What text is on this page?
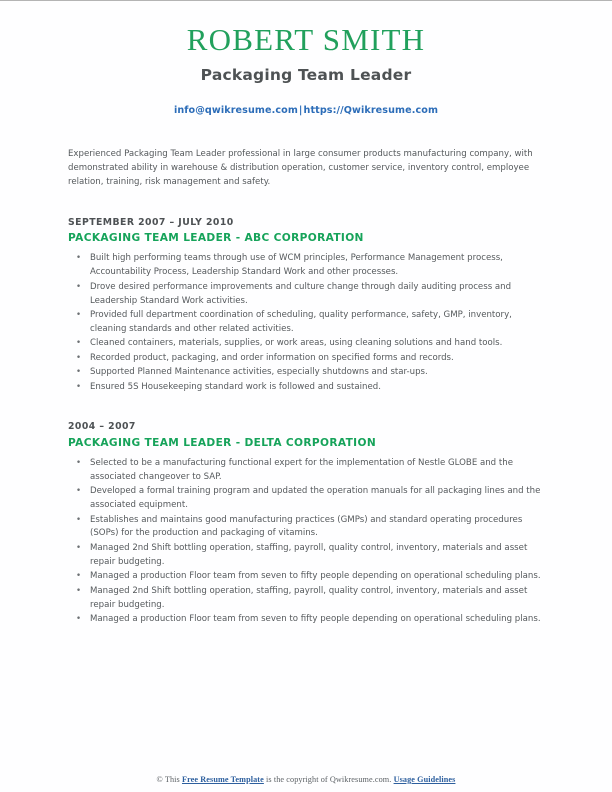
ROBERT SMITH
Packaging Team Leader
info@qwikresume.com|https://Qwikresume.com
Experienced Packaging Team Leader professional in large consumer products manufacturing company, with demonstrated ability in warehouse & distribution operation, customer service, inventory control, employee relation, training, risk management and safety.
SEPTEMBER 2007 – JULY 2010
PACKAGING TEAM LEADER - ABC CORPORATION
• Built high performing teams through use of WCM principles, Performance Management process, Accountability Process, Leadership Standard Work and other processes.
• Drove desired performance improvements and culture change through daily auditing process and Leadership Standard Work activities.
• Provided full department coordination of scheduling, quality performance, safety, GMP, inventory, cleaning standards and other related activities.
• Cleaned containers, materials, supplies, or work areas, using cleaning solutions and hand tools.
• Recorded product, packaging, and order information on specified forms and records.
• Supported Planned Maintenance activities, especially shutdowns and star-ups.
• Ensured 5S Housekeeping standard work is followed and sustained.
2004 – 2007
PACKAGING TEAM LEADER - DELTA CORPORATION
• Selected to be a manufacturing functional expert for the implementation of Nestle GLOBE and the associated changeover to SAP.
• Developed a formal training program and updated the operation manuals for all packaging lines and the associated equipment.
• Establishes and maintains good manufacturing practices (GMPs) and standard operating procedures (SOPs) for the production and packaging of vitamins.
• Managed 2nd Shift bottling operation, staffing, payroll, quality control, inventory, materials and asset repair budgeting.
• Managed a production Floor team from seven to fifty people depending on operational scheduling plans.
• Managed 2nd Shift bottling operation, staffing, payroll, quality control, inventory, materials and asset repair budgeting.
• Managed a production Floor team from seven to fifty people depending on operational scheduling plans.
© This Free Resume Template is the copyright of Qwikresume.com. Usage Guidelines
